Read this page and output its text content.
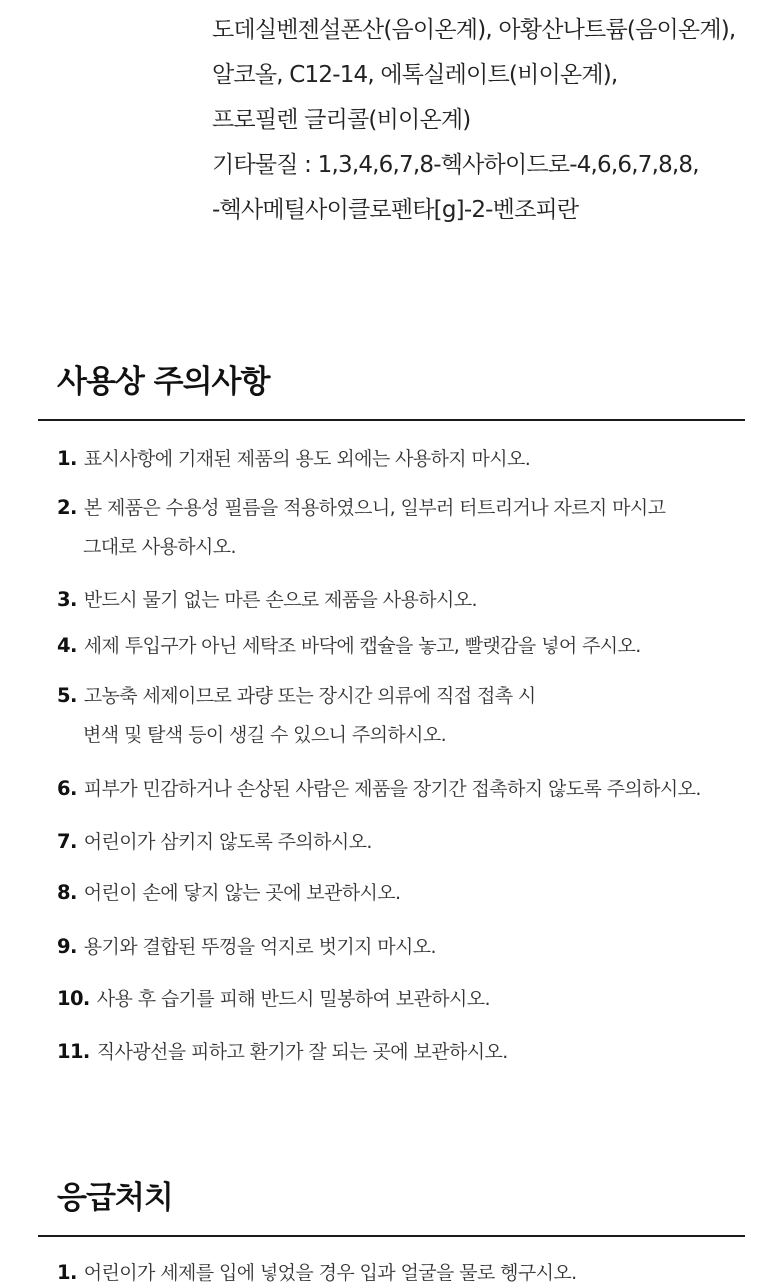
도데실벤젠설폰산(음이온계), 아황산나트륨(음이온계),
알코올, C12-14, 에톡실레이트(비이온계),
프로필렌 글리콜(비이온계)
기타물질 : 1,3,4,6,7,8-헥사하이드로-4,6,6,7,8,8,
-헥사메틸사이클로펜타[g]-2-벤조피란
사용상 주의사항
1. 표시사항에 기재된 제품의 용도 외에는 사용하지 마시오.
2. 본 제품은 수용성 필름을 적용하였으니, 일부러 터트리거나 자르지 마시고
그대로 사용하시오.
3. 반드시 물기 없는 마른 손으로 제품을 사용하시오.
4. 세제 투입구가 아닌 세탁조 바닥에 캡슐을 놓고, 빨랫감을 넣어 주시오.
5. 고농축 세제이므로 과량 또는 장시간 의류에 직접 접촉 시
변색 및 탈색 등이 생길 수 있으니 주의하시오.
6. 피부가 민감하거나 손상된 사람은 제품을 장기간 접촉하지 않도록 주의하시오.
7. 어린이가 삼키지 않도록 주의하시오.
8. 어린이 손에 닿지 않는 곳에 보관하시오.
9. 용기와 결합된 뚜껑을 억지로 벗기지 마시오.
10. 사용 후 습기를 피해 반드시 밀봉하여 보관하시오.
11. 직사광선을 피하고 환기가 잘 되는 곳에 보관하시오.
응급처치
1. 어린이가 세제를 입에 넣었을 경우 입과 얼굴을 물로 헹구시오.
